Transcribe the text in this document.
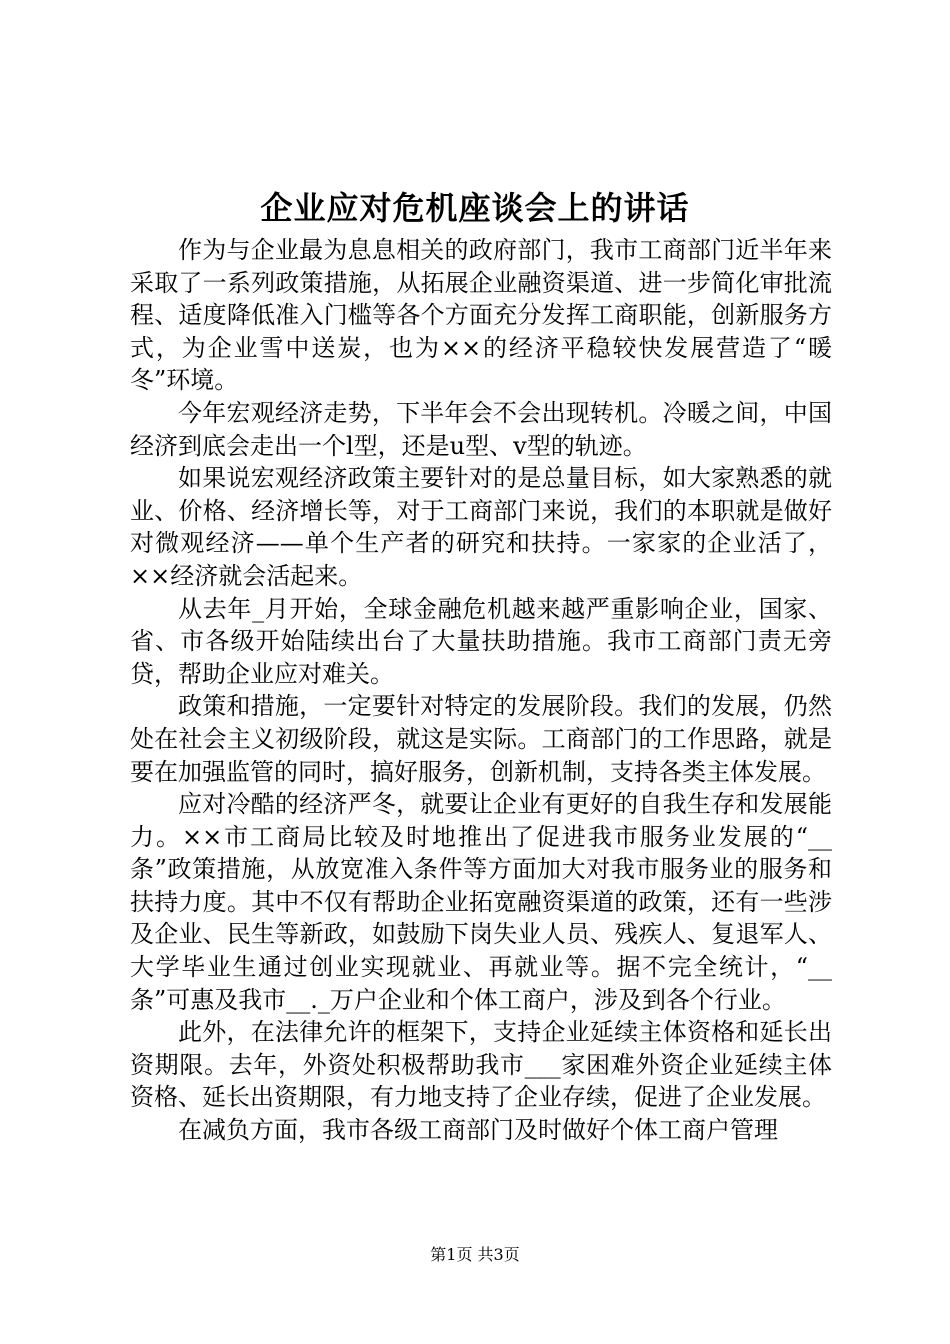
企业应对危机座谈会上的讲话

作为与企业最为息息相关的政府部门，我市工商部门近半年来采取了一系列政策措施，从拓展企业融资渠道、进一步简化审批流程、适度降低准入门槛等各个方面充分发挥工商职能，创新服务方式，为企业雪中送炭，也为××的经济平稳较快发展营造了“暖冬”环境。

今年宏观经济走势，下半年会不会出现转机。冷暖之间，中国经济到底会走出一个l型，还是u型、v型的轨迹。

如果说宏观经济政策主要针对的是总量目标，如大家熟悉的就业、价格、经济增长等，对于工商部门来说，我们的本职就是做好对微观经济——单个生产者的研究和扶持。一家家的企业活了，××经济就会活起来。

从去年_月开始，全球金融危机越来越严重影响企业，国家、省、市各级开始陆续出台了大量扶助措施。我市工商部门责无旁贷，帮助企业应对难关。

政策和措施，一定要针对特定的发展阶段。我们的发展，仍然处在社会主义初级阶段，就这是实际。工商部门的工作思路，就是要在加强监管的同时，搞好服务，创新机制，支持各类主体发展。

应对冷酷的经济严冬，就要让企业有更好的自我生存和发展能力。××市工商局比较及时地推出了促进我市服务业发展的“__条”政策措施，从放宽准入条件等方面加大对我市服务业的服务和扶持力度。其中不仅有帮助企业拓宽融资渠道的政策，还有一些涉及企业、民生等新政，如鼓励下岗失业人员、残疾人、复退军人、大学毕业生通过创业实现就业、再就业等。据不完全统计，“__条”可惠及我市__._万户企业和个体工商户，涉及到各个行业。

此外，在法律允许的框架下，支持企业延续主体资格和延长出资期限。去年，外资处积极帮助我市___家困难外资企业延续主体资格、延长出资期限，有力地支持了企业存续，促进了企业发展。

在减负方面，我市各级工商部门及时做好个体工商户管理

第1页 共3页
